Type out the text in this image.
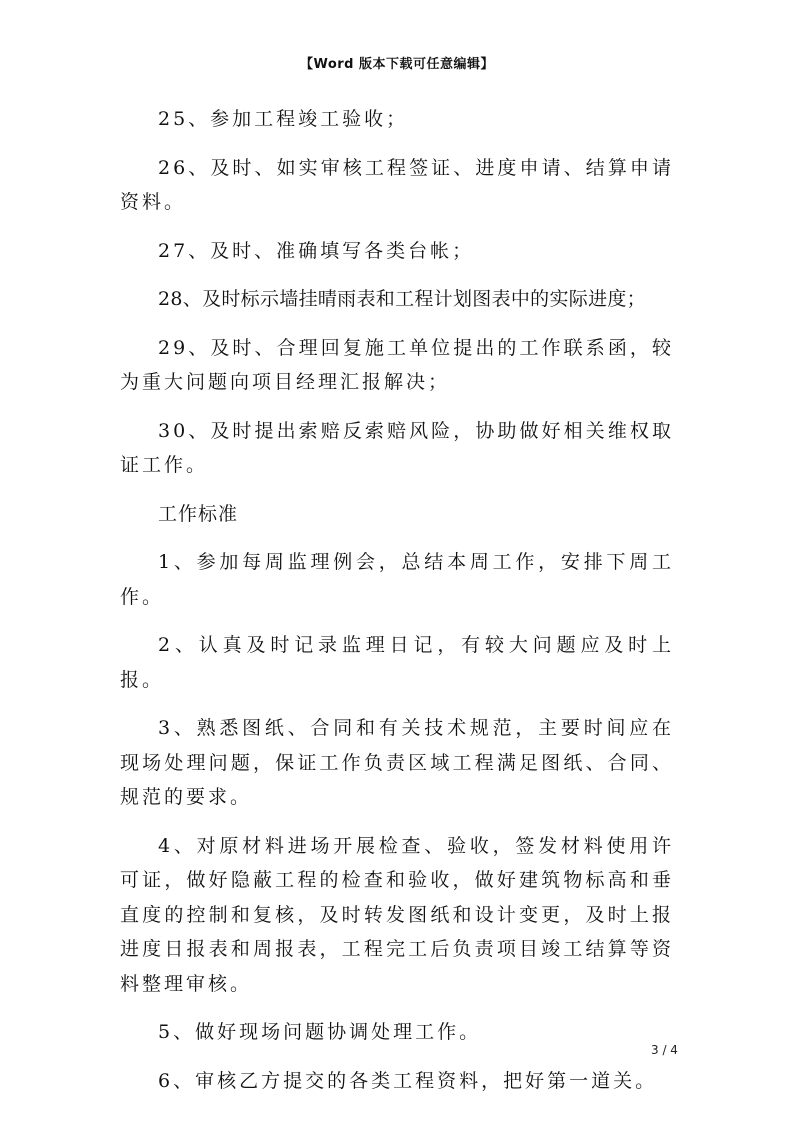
【Word 版本下载可任意编辑】

25、参加工程竣工验收；

26、及时、如实审核工程签证、进度申请、结算申请资料。

27、及时、准确填写各类台帐；

28、及时标示墙挂晴雨表和工程计划图表中的实际进度；

29、及时、合理回复施工单位提出的工作联系函，较为重大问题向项目经理汇报解决；

30、及时提出索赔反索赔风险，协助做好相关维权取证工作。

工作标准

1、参加每周监理例会，总结本周工作，安排下周工作。

2、认真及时记录监理日记，有较大问题应及时上报。

3、熟悉图纸、合同和有关技术规范，主要时间应在现场处理问题，保证工作负责区域工程满足图纸、合同、规范的要求。

4、对原材料进场开展检查、验收，签发材料使用许可证，做好隐蔽工程的检查和验收，做好建筑物标高和垂直度的控制和复核，及时转发图纸和设计变更，及时上报进度日报表和周报表，工程完工后负责项目竣工结算等资料整理审核。

5、做好现场问题协调处理工作。

6、审核乙方提交的各类工程资料，把好第一道关。

3 / 4
